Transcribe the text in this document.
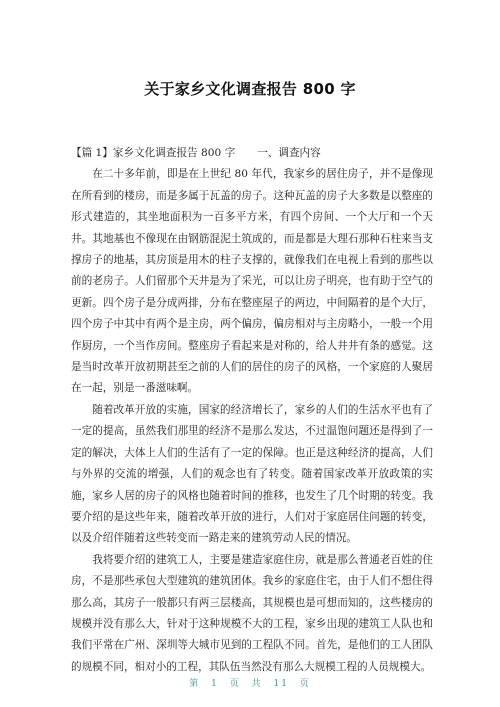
关于家乡文化调查报告 800 字
【篇 1】家乡文化调查报告 800 字 一、调查内容

在二十多年前，即是在上世纪 80 年代，我家乡的居住房子，并不是像现在所看到的楼房，而是多属于瓦盖的房子。这种瓦盖的房子大多数是以整座的形式建造的，其坐地面积为一百多平方米，有四个房间、一个大厅和一个天井。其地基也不像现在由钢筋混泥土筑成的，而是都是大理石那种石柱来当支撑房子的地基，其房顶是用木的柱子支撑的，就像我们在电视上看到的那些以前的老房子。人们留那个天井是为了采光，可以让房子明亮，也有助于空气的更新。四个房子是分成两排，分布在整座屋子的两边，中间隔着的是个大厅，四个房子中其中有两个是主房，两个偏房，偏房相对与主房略小，一般一个用作厨房，一个当作房间。整座房子看起来是对称的，给人井井有条的感觉。这是当时改革开放初期甚至之前的人们的居住的房子的风格，一个家庭的人聚居在一起，别是一番滋味啊。

随着改革开放的实施，国家的经济增长了，家乡的人们的生活水平也有了一定的提高，虽然我们那里的经济不是那么发达，不过温饱问题还是得到了一定的解决，大体上人们的生活有了一定的保障。也正是这种经济的提高，人们与外界的交流的增强，人们的观念也有了转变。随着国家改革开放政策的实施，家乡人居的房子的风格也随着时间的推移，也发生了几个时期的转变。我要介绍的是这些年来，随着改革开放的进行，人们对于家庭居住问题的转变，以及介绍伴随着这些转变而一路走来的建筑劳动人民的情况。

我将要介绍的建筑工人，主要是建造家庭住房，就是那么普通老百姓的住房，不是那些承包大型建筑的建筑团体。我乡的家庭住宅，由于人们不想住得那么高，其房子一般都只有两三层楼高，其规模也是可想而知的，这些楼房的规模并没有那么大，针对于这种规模不大的工程，家乡出现的建筑工人队也和我们平常在广州、深圳等大城市见到的工程队不同。首先，是他们的工人团队的规模不同，相对小的工程，其队伍当然没有那么大规模工程的人员规模大。

第 1 页 共 11 页
